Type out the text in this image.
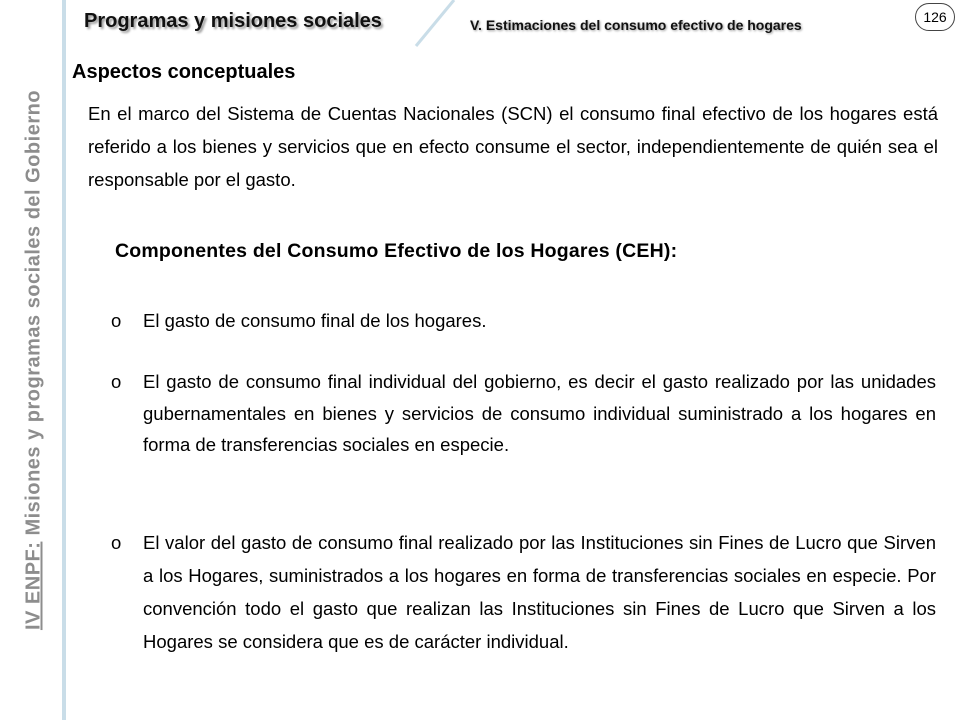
IV ENPF: Misiones y programas sociales del Gobierno
Programas y misiones sociales	V. Estimaciones del consumo efectivo de hogares	126
Aspectos conceptuales

En el marco del Sistema de Cuentas Nacionales (SCN) el consumo final efectivo de los hogares está referido a los bienes y servicios que en efecto consume el sector, independientemente de quién sea el responsable por el gasto.

Componentes del Consumo Efectivo de los Hogares (CEH):
o	El gasto de consumo final de los hogares.
o	El gasto de consumo final individual del gobierno, es decir el gasto realizado por las unidades gubernamentales en bienes y servicios de consumo individual suministrado a los hogares en forma de transferencias sociales en especie.
o	El valor del gasto de consumo final realizado por las Instituciones sin Fines de Lucro que Sirven a los Hogares, suministrados a los hogares en forma de transferencias sociales en especie. Por convención todo el gasto que realizan las Instituciones sin Fines de Lucro que Sirven a los Hogares se considera que es de carácter individual.
